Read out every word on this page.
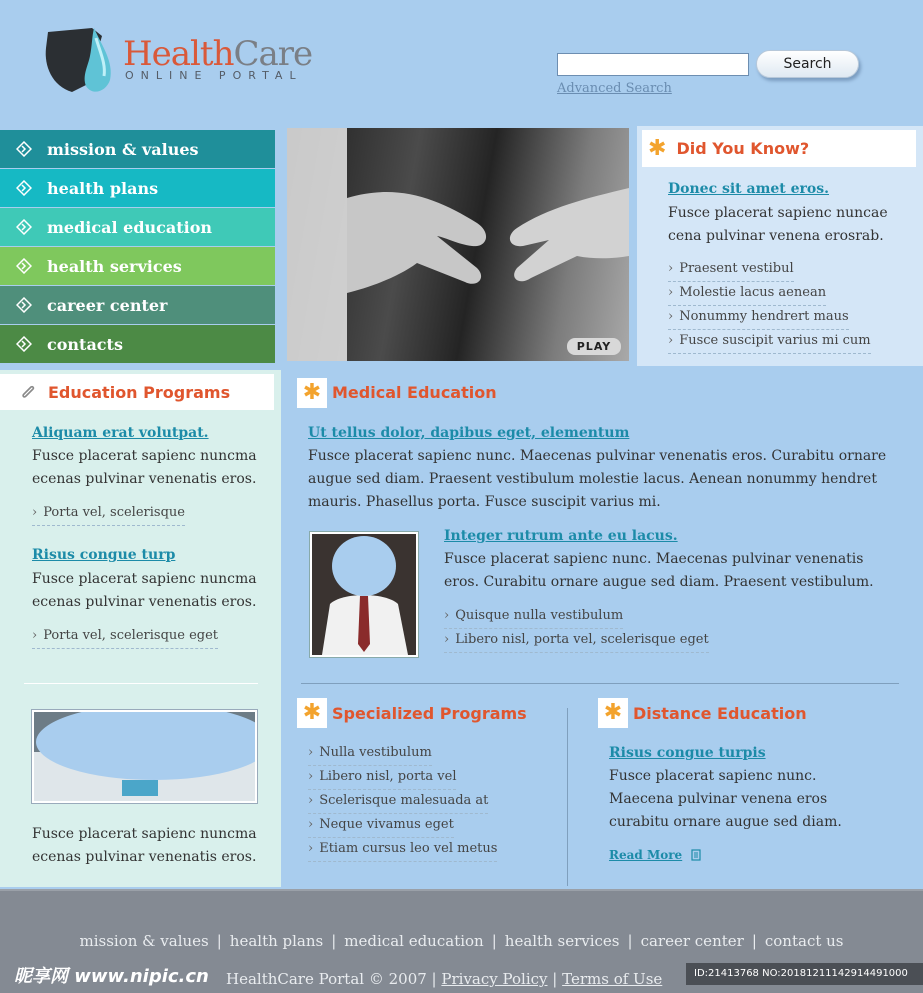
HealthCare
ONLINE PORTAL
Search
Advanced Search
mission & values
health plans
medical education
health services
career center
contacts	PLAY
✱ Did You Know?
Donec sit amet eros.
Fusce placerat sapienc nuncae cena pulvinar venena erosrab.
› Praesent vestibul
› Molestie lacus aenean
› Nonummy hendrert maus
› Fusce suscipit varius mi cum
Education Programs
Aliquam erat volutpat.
Fusce placerat sapienc nuncma ecenas pulvinar venenatis eros.
› Porta vel, scelerisque
Risus congue turp
Fusce placerat sapienc nuncma ecenas pulvinar venenatis eros.
› Porta vel, scelerisque eget
Fusce placerat sapienc nuncma ecenas pulvinar venenatis eros.
✱ Medical Education
Ut tellus dolor, dapibus eget, elementum
Fusce placerat sapienc nunc. Maecenas pulvinar venenatis eros. Curabitu ornare augue sed diam. Praesent vestibulum molestie lacus. Aenean nonummy hendret mauris. Phasellus porta. Fusce suscipit varius mi.
Integer rutrum ante eu lacus.
Fusce placerat sapienc nunc. Maecenas pulvinar venenatis eros. Curabitu ornare augue sed diam. Praesent vestibulum.
› Quisque nulla vestibulum
› Libero nisl, porta vel, scelerisque eget
✱ Specialized Programs
› Nulla vestibulum
› Libero nisl, porta vel
› Scelerisque malesuada at
› Neque vivamus eget
› Etiam cursus leo vel metus
✱ Distance Education
Risus congue turpis
Fusce placerat sapienc nunc. Maecena pulvinar venena eros curabitu ornare augue sed diam.
Read More
mission & values | health plans | medical education | health services | career center | contact us
HealthCare Portal © 2007 | Privacy Policy | Terms of Use
昵享网 www.nipic.cn	ID:21413768 NO:20181211142914491000
